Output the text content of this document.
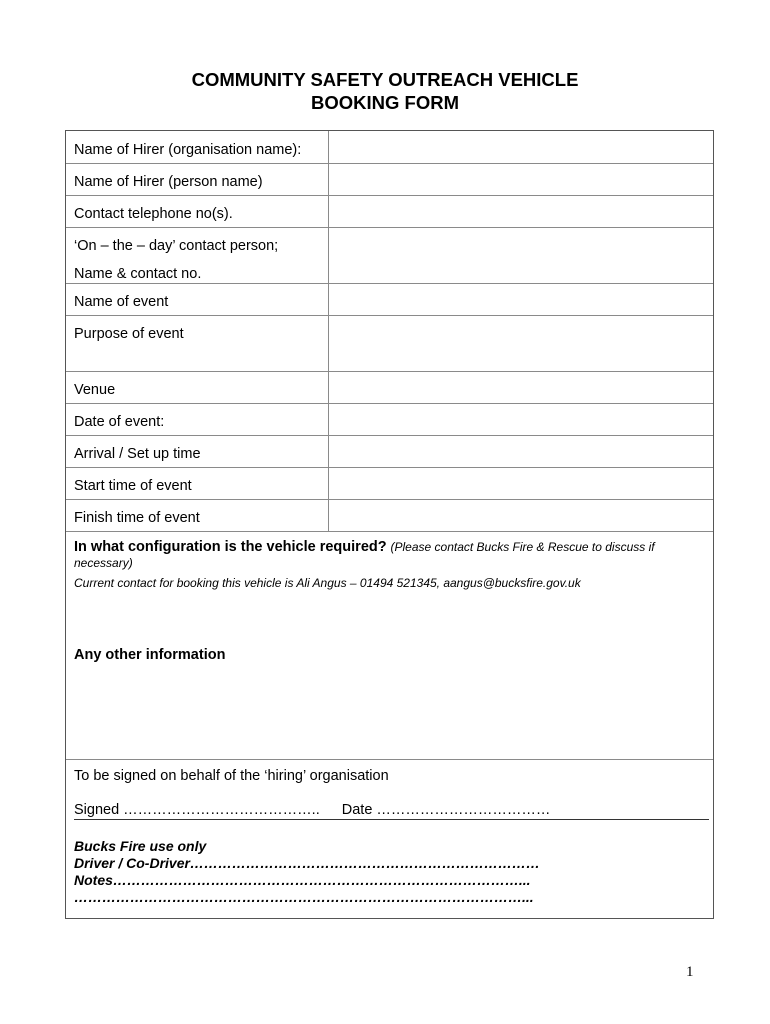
COMMUNITY SAFETY OUTREACH VEHICLE
BOOKING FORM
Name of Hirer (organisation name):
Name of Hirer (person name)
Contact telephone no(s).
‘On – the – day’ contact person;
Name & contact no.
Name of event
Purpose of event
Venue
Date of event:
Arrival / Set up time
Start time of event
Finish time of event
In what configuration is the vehicle required? (Please contact Bucks Fire & Rescue to discuss if necessary)
Current contact for booking this vehicle is Ali Angus – 01494 521345, aangus@bucksfire.gov.uk
Any other information
To be signed on behalf of the ‘hiring’ organisation
Signed ………………………………….. Date ………………………………
Bucks Fire use only
Driver / Co-Driver…………………………………………………………………
Notes……………………………………………………………………………...
……………………………………………………………………………………...
1
